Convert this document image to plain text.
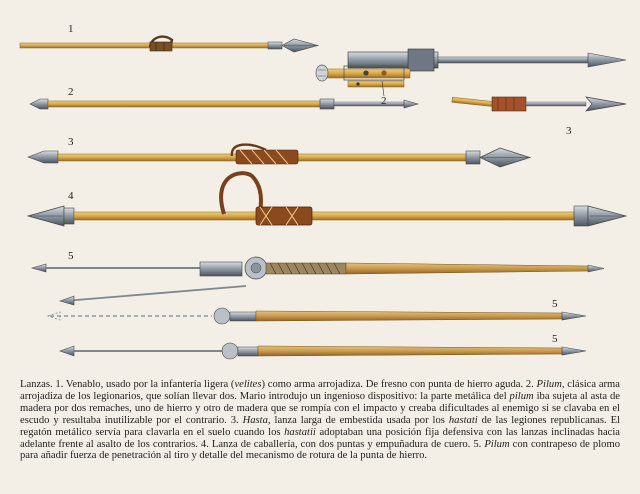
1
2
2
3
3
4
5
5
5

Lanzas. 1. Venablo, usado por la infantería ligera (velites) como arma arrojadiza. De fresno con punta de hierro aguda. 2. Pilum, clásica arma arrojadiza de los legionarios, que solían llevar dos. Mario introdujo un ingenioso dispositivo: la parte metálica del pilum iba sujeta al asta de madera por dos remaches, uno de hierro y otro de madera que se rompía con el impacto y creaba dificultades al enemigo si se clavaba en el escudo y resultaba inutilizable por el contrario. 3. Hasta, lanza larga de embestida usada por los hastati de las legiones republicanas. El regatón metálico servía para clavarla en el suelo cuando los hastatii adoptaban una posición fija defensiva con las lanzas inclinadas hacia adelante frente al asalto de los contrarios. 4. Lanza de caballería, con dos puntas y empuñadura de cuero. 5. Pilum con contrapeso de plomo para añadir fuerza de penetración al tiro y detalle del mecanismo de rotura de la punta de hierro.
